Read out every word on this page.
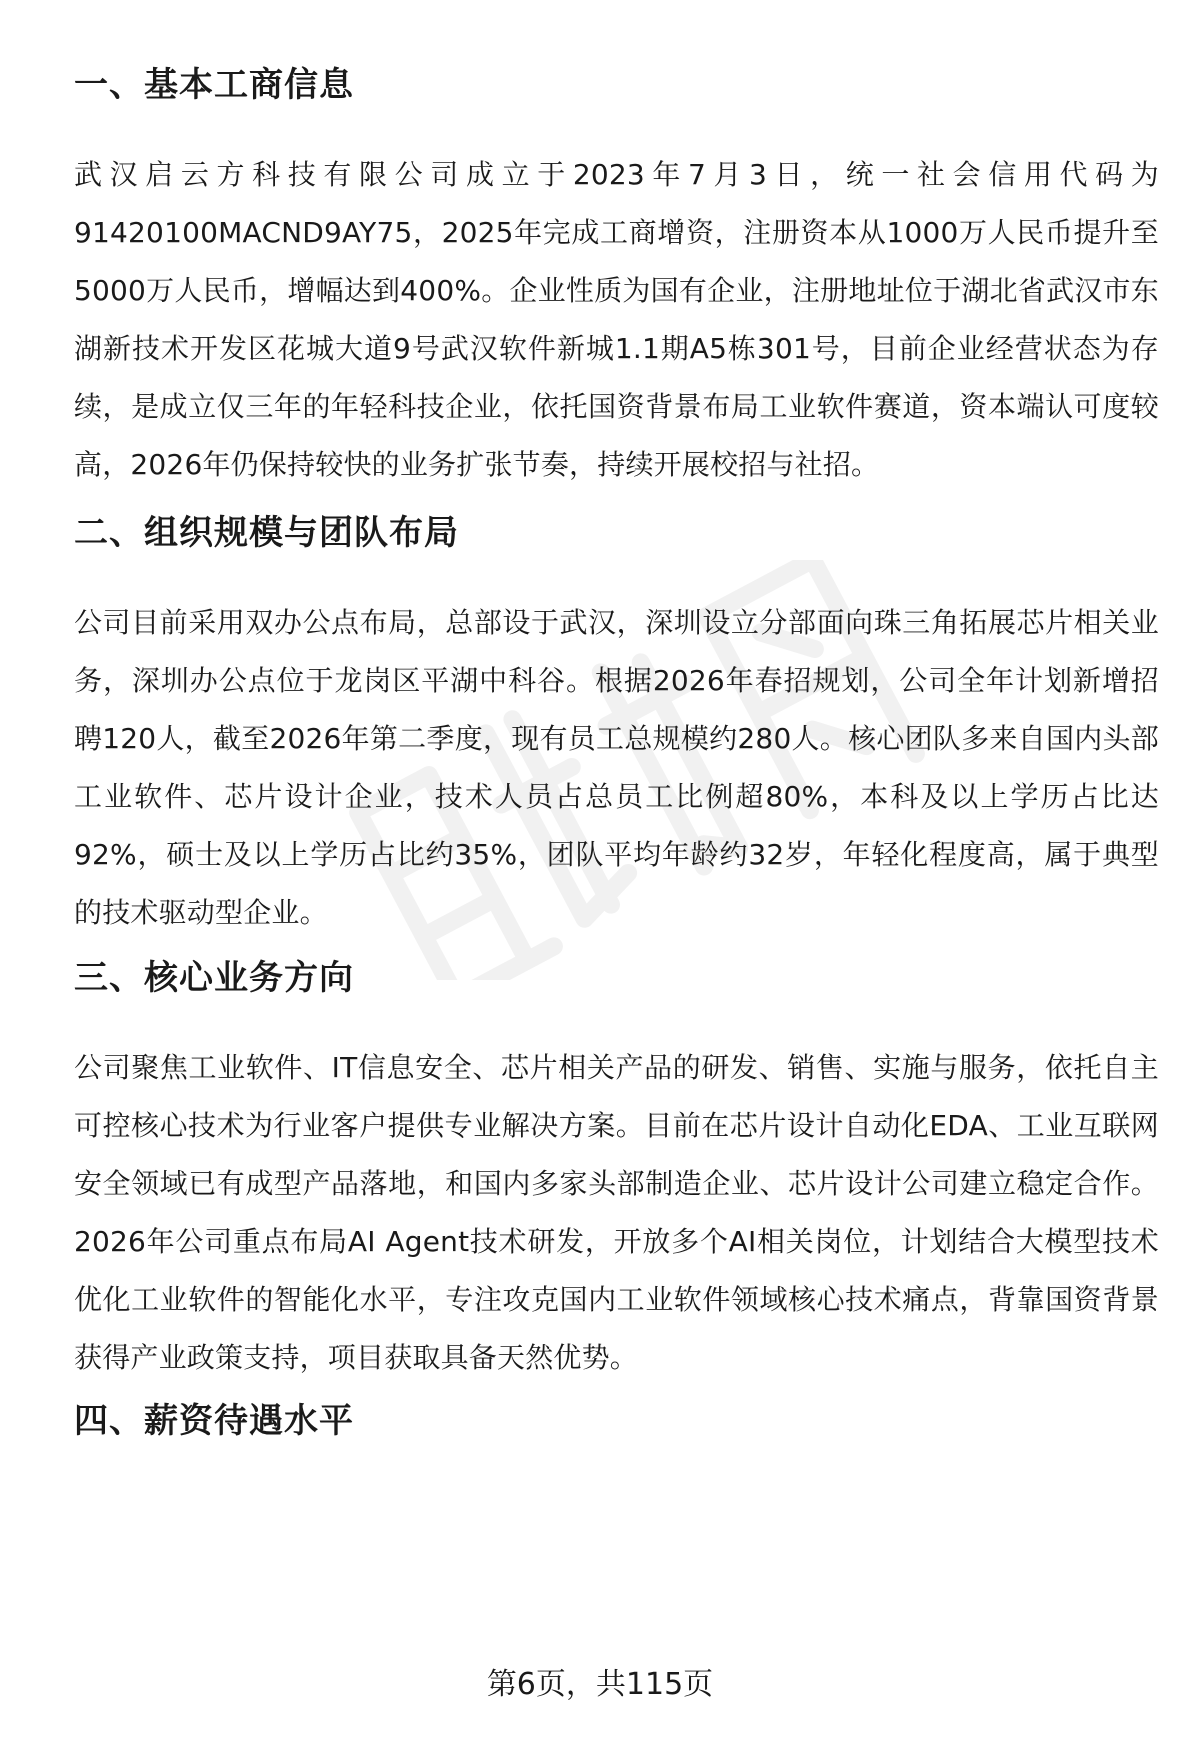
一、基本工商信息

武汉启云方科技有限公司成立于2023年7月3日，统一社会信用代码为91420100MACND9AY75，2025年完成工商增资，注册资本从1000万人民币提升至5000万人民币，增幅达到400%。企业性质为国有企业，注册地址位于湖北省武汉市东湖新技术开发区花城大道9号武汉软件新城1.1期A5栋301号，目前企业经营状态为存续，是成立仅三年的年轻科技企业，依托国资背景布局工业软件赛道，资本端认可度较高，2026年仍保持较快的业务扩张节奏，持续开展校招与社招。

二、组织规模与团队布局

公司目前采用双办公点布局，总部设于武汉，深圳设立分部面向珠三角拓展芯片相关业务，深圳办公点位于龙岗区平湖中科谷。根据2026年春招规划，公司全年计划新增招聘120人，截至2026年第二季度，现有员工总规模约280人。核心团队多来自国内头部工业软件、芯片设计企业，技术人员占总员工比例超80%，本科及以上学历占比达92%，硕士及以上学历占比约35%，团队平均年龄约32岁，年轻化程度高，属于典型的技术驱动型企业。

三、核心业务方向

公司聚焦工业软件、IT信息安全、芯片相关产品的研发、销售、实施与服务，依托自主可控核心技术为行业客户提供专业解决方案。目前在芯片设计自动化EDA、工业互联网安全领域已有成型产品落地，和国内多家头部制造企业、芯片设计公司建立稳定合作。2026年公司重点布局AI Agent技术研发，开放多个AI相关岗位，计划结合大模型技术优化工业软件的智能化水平，专注攻克国内工业软件领域核心技术痛点，背靠国资背景获得产业政策支持，项目获取具备天然优势。

四、薪资待遇水平
第6页，共115页
